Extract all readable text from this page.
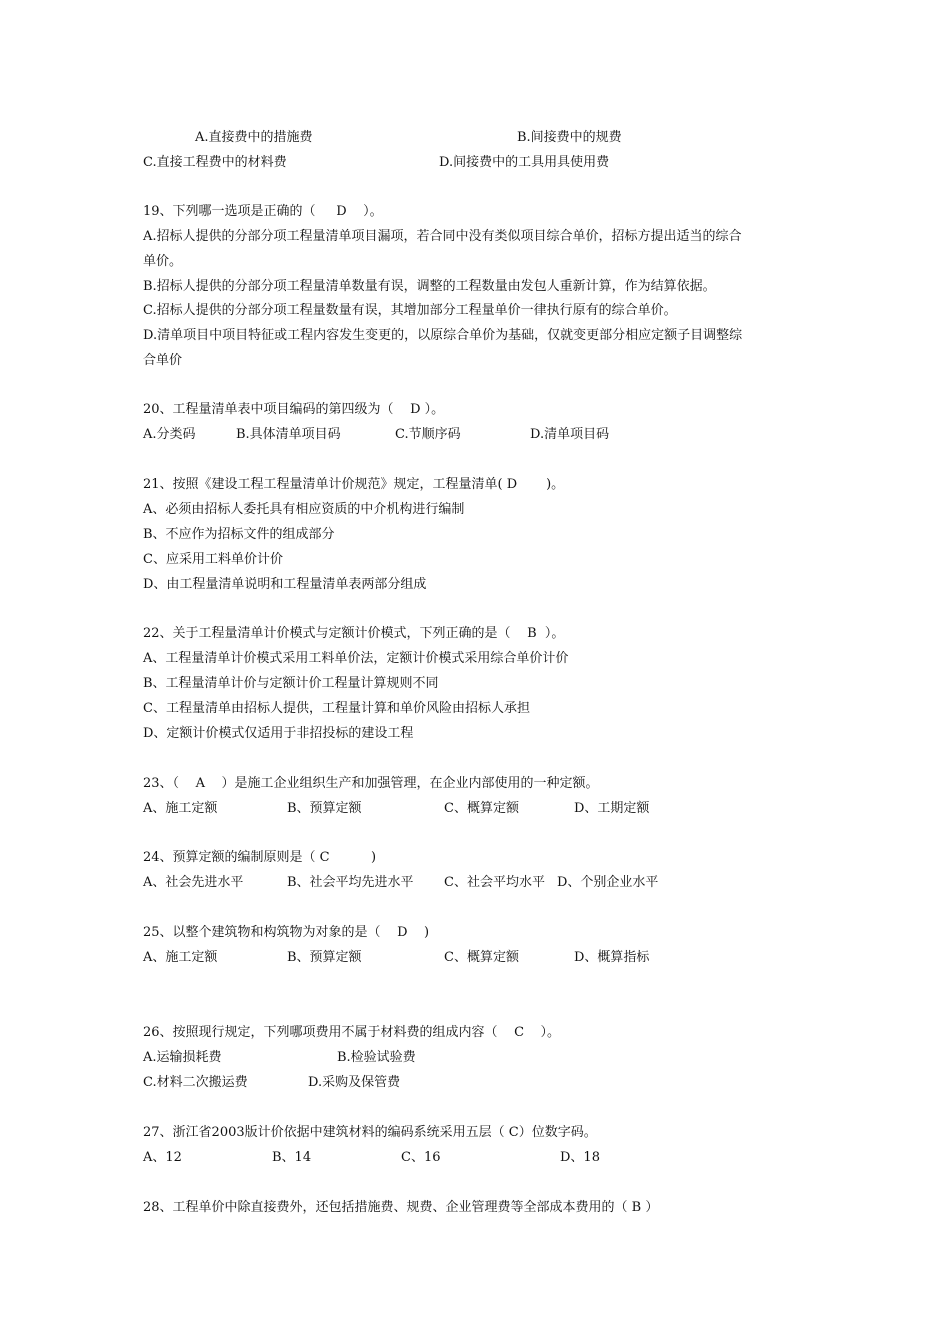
A.直接费中的措施费	B.间接费中的规费
C.直接工程费中的材料费	D.间接费中的工具用具使用费
19、下列哪一选项是正确的（     D    ）。
A.招标人提供的分部分项工程量清单项目漏项，若合同中没有类似项目综合单价，招标方提出适当的综合
单价。
B.招标人提供的分部分项工程量清单数量有误，调整的工程数量由发包人重新计算，作为结算依据。
C.招标人提供的分部分项工程量数量有误，其增加部分工程量单价一律执行原有的综合单价。
D.清单项目中项目特征或工程内容发生变更的，以原综合单价为基础，仅就变更部分相应定额子目调整综
合单价
20、工程量清单表中项目编码的第四级为（    D ）。
A.分类码	B.具体清单项目码	C.节顺序码	D.清单项目码
21、按照《建设工程工程量清单计价规范》规定，工程量清单( D       )。
A、必须由招标人委托具有相应资质的中介机构进行编制
B、不应作为招标文件的组成部分
C、应采用工料单价计价
D、由工程量清单说明和工程量清单表两部分组成
22、关于工程量清单计价模式与定额计价模式，下列正确的是（    B  ）。
A、工程量清单计价模式采用工料单价法，定额计价模式采用综合单价计价
B、工程量清单计价与定额计价工程量计算规则不同
C、工程量清单由招标人提供，工程量计算和单价风险由招标人承担
D、定额计价模式仅适用于非招投标的建设工程
23、（    A    ）是施工企业组织生产和加强管理，在企业内部使用的一种定额。
A、施工定额	B、预算定额	C、概算定额	D、工期定额
24、预算定额的编制原则是（ C          )
A、社会先进水平	B、社会平均先进水平 C、社会平均水平 D、个别企业水平
25、以整个建筑物和构筑物为对象的是（    D    )
A、施工定额	B、预算定额	C、概算定额	D、概算指标
26、按照现行规定，下列哪项费用不属于材料费的组成内容（    C    ）。
A.运输损耗费	B.检验试验费
C.材料二次搬运费	D.采购及保管费
27、浙江省2003版计价依据中建筑材料的编码系统采用五层（ C）位数字码。
A、12	B、14	C、16	D、18
28、工程单价中除直接费外，还包括措施费、规费、企业管理费等全部成本费用的（ B ）
